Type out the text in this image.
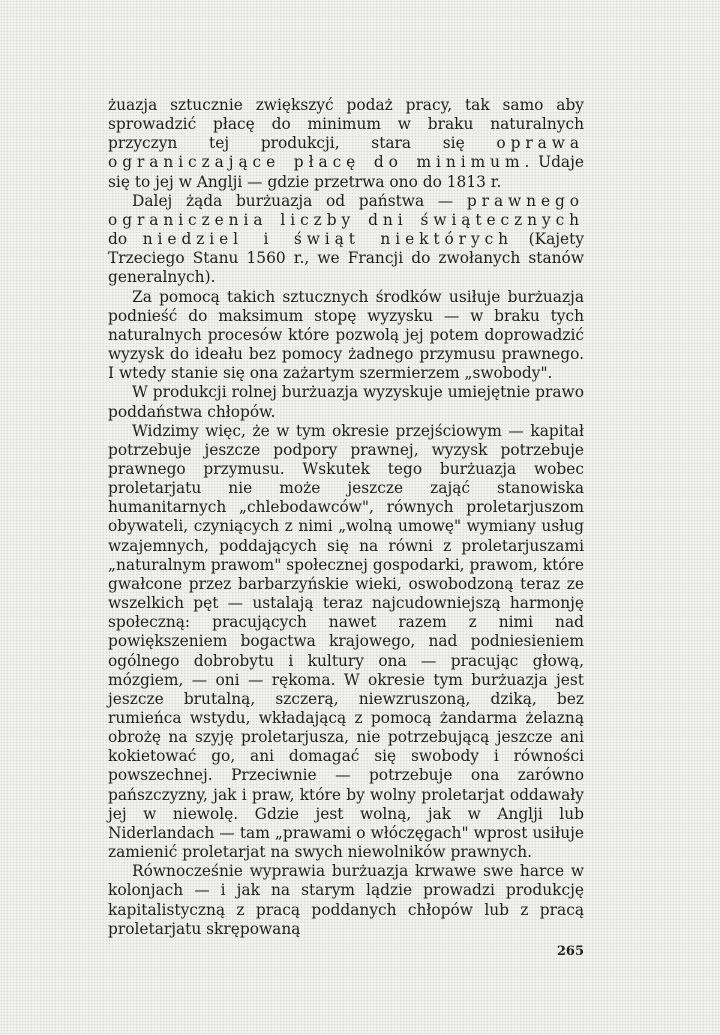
żuazja sztucznie zwiększyć podaż pracy, tak samo aby sprowadzić płacę do minimum w braku naturalnych przyczyn tej produkcji, stara się oprawa ograniczające płacę do minimum. Udaje się to jej w Anglji — gdzie przetrwa ono do 1813 r.

Dalej żąda burżuazja od państwa — prawnego ograniczenia liczby dni świątecznych do niedziel i świąt niektórych (Kajety Trzeciego Stanu 1560 r., we Francji do zwołanych stanów generalnych).

Za pomocą takich sztucznych środków usiłuje burżuazja podnieść do maksimum stopę wyzysku — w braku tych naturalnych procesów które pozwolą jej potem doprowadzić wyzysk do ideału bez pomocy żadnego przymusu prawnego. I wtedy stanie się ona zażartym szermierzem „swobody".

W produkcji rolnej burżuazja wyzyskuje umiejętnie prawo poddaństwa chłopów.

Widzimy więc, że w tym okresie przejściowym — kapitał potrzebuje jeszcze podpory prawnej, wyzysk potrzebuje prawnego przymusu. Wskutek tego burżuazja wobec proletarjatu nie może jeszcze zająć stanowiska humanitarnych „chlebodawców", równych proletarjuszom obywateli, czyniących z nimi „wolną umowę" wymiany usług wzajemnych, poddających się na równi z proletarjuszami „naturalnym prawom" społecznej gospodarki, prawom, które gwałcone przez barbarzyńskie wieki, oswobodzoną teraz ze wszelkich pęt — ustalają teraz najcudowniejszą harmonję społeczną: pracujących nawet razem z nimi nad powiększeniem bogactwa krajowego, nad podniesieniem ogólnego dobrobytu i kultury ona — pracując głową, mózgiem, — oni — rękoma. W okresie tym burżuazja jest jeszcze brutalną, szczerą, niewzruszoną, dziką, bez rumieńca wstydu, wkładającą z pomocą żandarma żelazną obrożę na szyję proletarjusza, nie potrzebującą jeszcze ani kokietować go, ani domagać się swobody i równości powszechnej. Przeciwnie — potrzebuje ona zarówno pańszczyzny, jak i praw, które by wolny proletarjat oddawały jej w niewolę. Gdzie jest wolną, jak w Anglji lub Niderlandach — tam „prawami o włóczęgach" wprost usiłuje zamienić proletarjat na swych niewolników prawnych.

Równocześnie wyprawia burżuazja krwawe swe harce w kolonjach — i jak na starym lądzie prowadzi produkcję kapitalistyczną z pracą poddanych chłopów lub z pracą proletarjatu skrępowaną

265
